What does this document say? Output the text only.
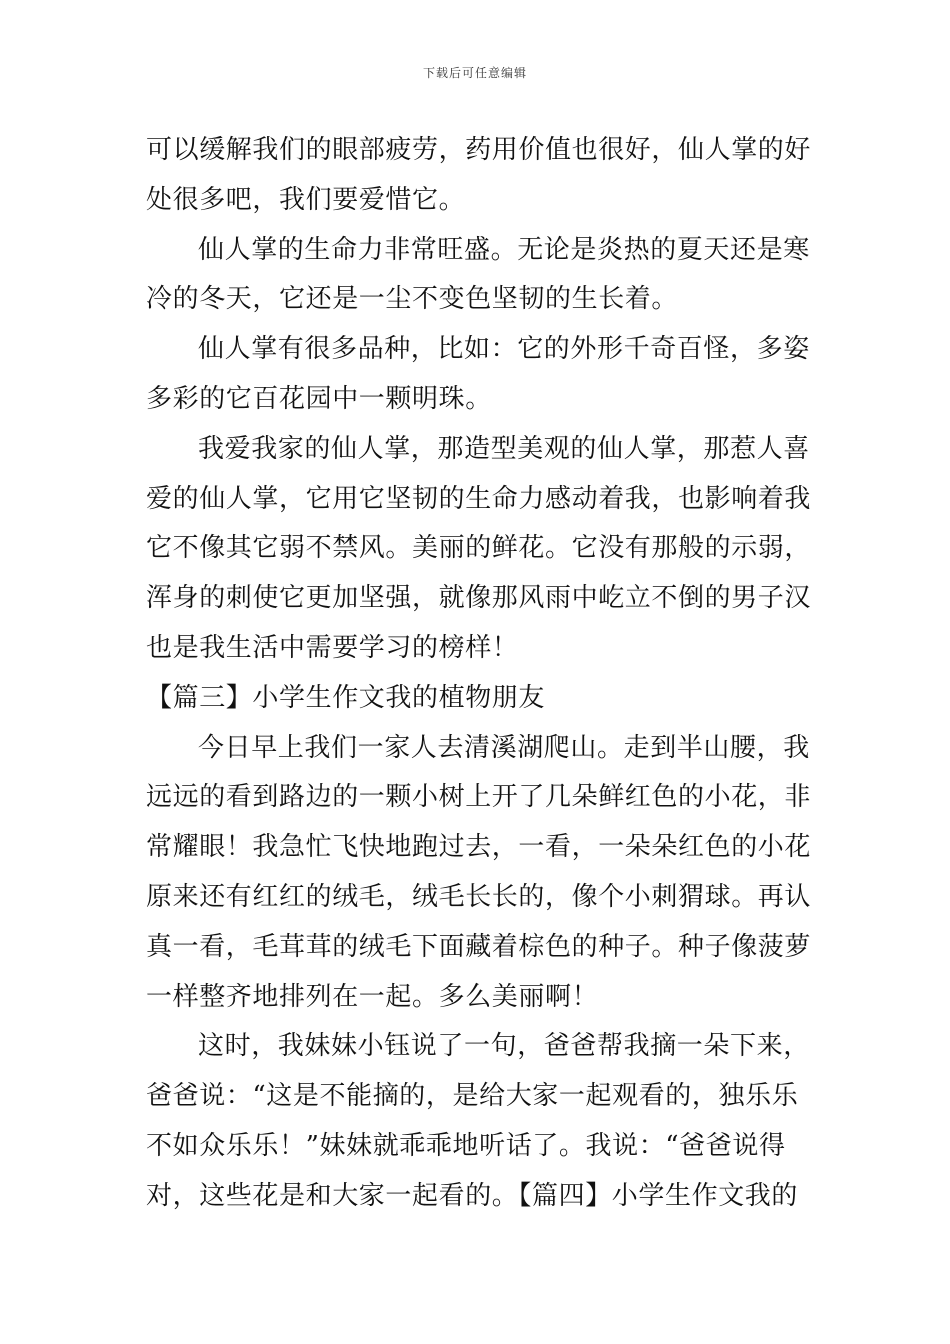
下载后可任意编辑
可以缓解我们的眼部疲劳，药用价值也很好，仙人掌的好
处很多吧，我们要爱惜它。
仙人掌的生命力非常旺盛。无论是炎热的夏天还是寒
冷的冬天，它还是一尘不变色坚韧的生长着。
仙人掌有很多品种，比如：它的外形千奇百怪，多姿
多彩的它百花园中一颗明珠。
我爱我家的仙人掌，那造型美观的仙人掌，那惹人喜
爱的仙人掌，它用它坚韧的生命力感动着我，也影响着我
它不像其它弱不禁风。美丽的鲜花。它没有那般的示弱，
浑身的刺使它更加坚强，就像那风雨中屹立不倒的男子汉
也是我生活中需要学习的榜样！
【篇三】小学生作文我的植物朋友
今日早上我们一家人去清溪湖爬山。走到半山腰，我
远远的看到路边的一颗小树上开了几朵鲜红色的小花，非
常耀眼！我急忙飞快地跑过去，一看，一朵朵红色的小花
原来还有红红的绒毛，绒毛长长的，像个小刺猬球。再认
真一看，毛茸茸的绒毛下面藏着棕色的种子。种子像菠萝
一样整齐地排列在一起。多么美丽啊！
这时，我妹妹小钰说了一句，爸爸帮我摘一朵下来，
爸爸说：“这是不能摘的，是给大家一起观看的，独乐乐
不如众乐乐！”妹妹就乖乖地听话了。我说：“爸爸说得
对，这些花是和大家一起看的。【篇四】小学生作文我的
